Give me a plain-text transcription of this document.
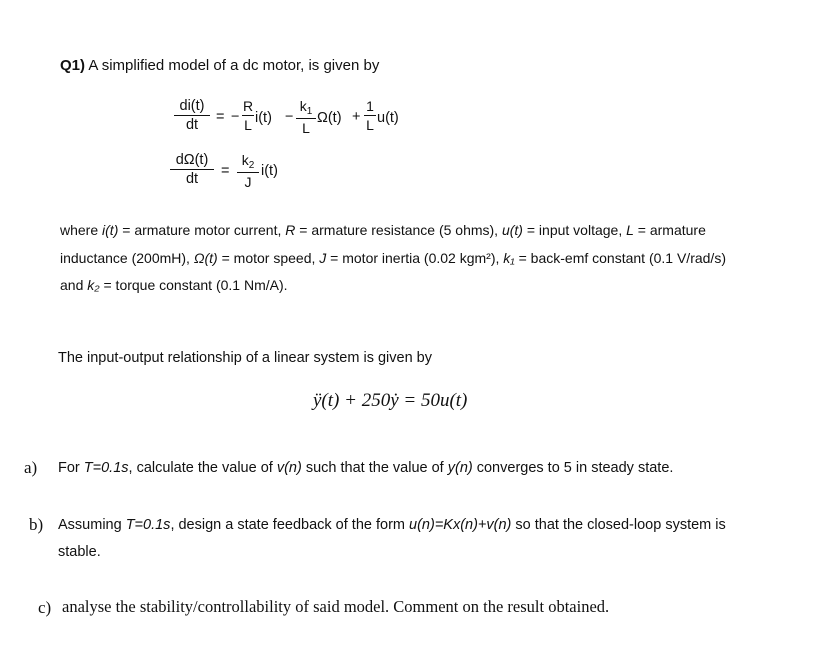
Q1) A simplified model of a dc motor, is given by
di(t)
dt	= −
R
L i(t) −
$k_1$
L
Ω(t) +
1
L u(t)
dΩ(t)
dt	=
$k_2$
J
i(t)
where i(t) = armature motor current, R = armature resistance (5 ohms), u(t) = input voltage, L = armature
inductance (200mH), Ω(t) = motor speed, J = motor inertia (0.02 kgm²), k₁ = back-emf constant (0.1 V/rad/s)
and k₂ = torque constant (0.1 Nm/A).
The input-output relationship of a linear system is given by
ÿ(t) + 250ẏ = 50u(t)
a) For T=0.1s, calculate the value of v(n) such that the value of y(n) converges to 5 in steady state.
b) Assuming T=0.1s, design a state feedback of the form u(n)=Kx(n)+v(n) so that the closed-loop system is
stable.
c) analyse the stability/controllability of said model. Comment on the result obtained.
